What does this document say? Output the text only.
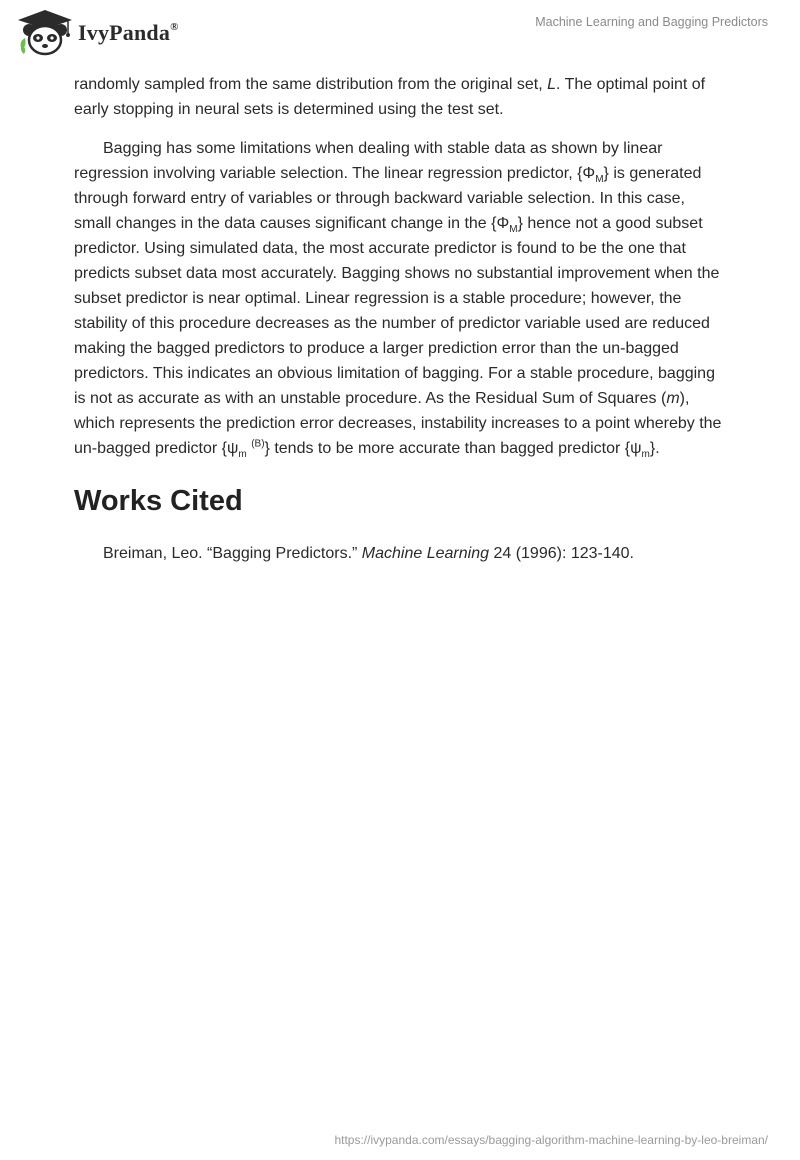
IvyPanda®	Machine Learning and Bagging Predictors

randomly sampled from the same distribution from the original set, L. The optimal point of early stopping in neural sets is determined using the test set.

Bagging has some limitations when dealing with stable data as shown by linear regression involving variable selection. The linear regression predictor, $\{\Phi_M\}$ is generated through forward entry of variables or through backward variable selection. In this case, small changes in the data causes significant change in the $\{\Phi_M\}$ hence not a good subset predictor. Using simulated data, the most accurate predictor is found to be the one that predicts subset data most accurately. Bagging shows no substantial improvement when the subset predictor is near optimal. Linear regression is a stable procedure; however, the stability of this procedure decreases as the number of predictor variable used are reduced making the bagged predictors to produce a larger prediction error than the un-bagged predictors. This indicates an obvious limitation of bagging. For a stable procedure, bagging is not as accurate as with an unstable procedure. As the Residual Sum of Squares (m), which represents the prediction error decreases, instability increases to a point whereby the un-bagged predictor {$\psi_m$ $^{(B)}$} tends to be more accurate than bagged predictor $\{\psi_m\}$.

Works Cited

Breiman, Leo. “Bagging Predictors.” Machine Learning 24 (1996): 123-140.

https://ivypanda.com/essays/bagging-algorithm-machine-learning-by-leo-breiman/
